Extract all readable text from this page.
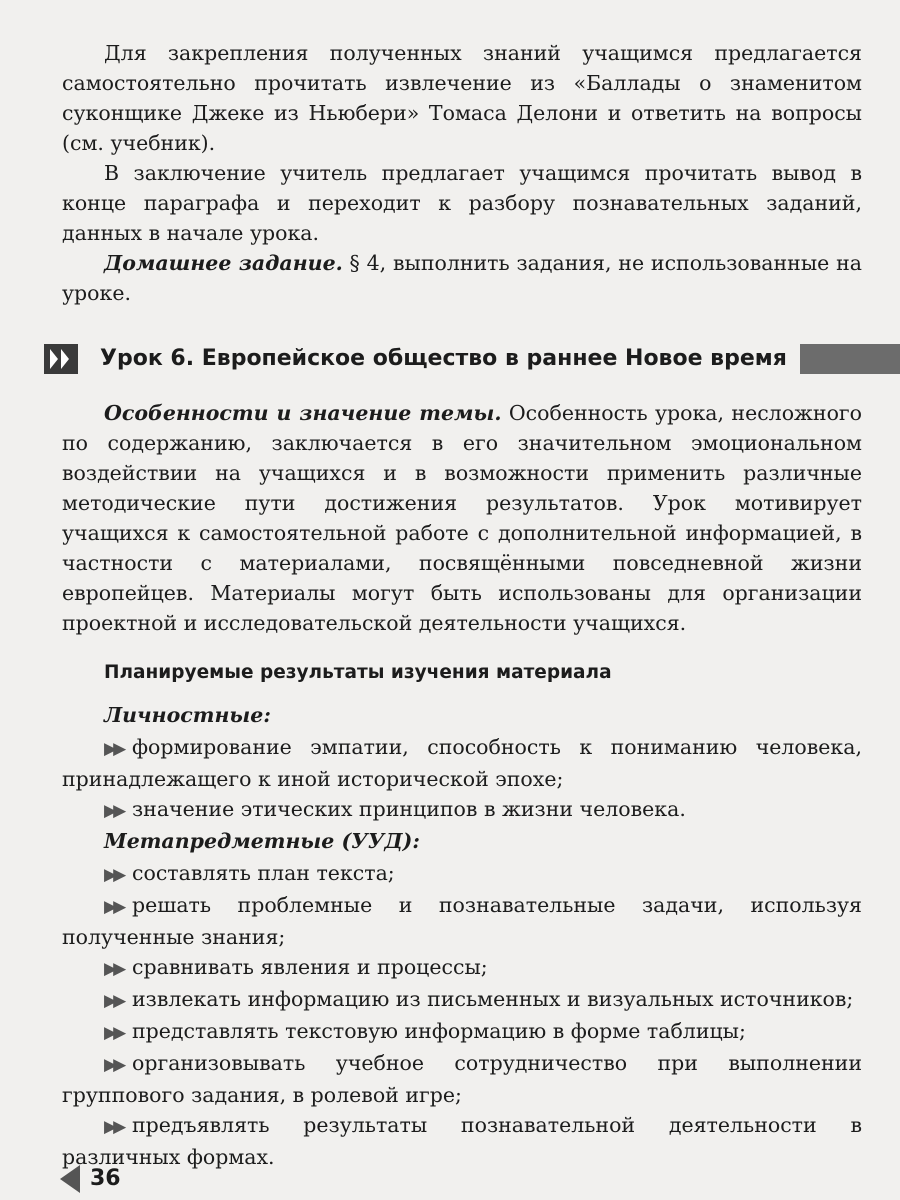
Для закрепления полученных знаний учащимся предлагается самостоятельно прочитать извлечение из «Баллады о знаменитом суконщике Джеке из Ньюбери» Томаса Делони и ответить на вопросы (см. учебник).

В заключение учитель предлагает учащимся прочитать вывод в конце параграфа и переходит к разбору познавательных заданий, данных в начале урока.

Домашнее задание. § 4, выполнить задания, не использованные на уроке.

Урок 6. Европейское общество в раннее Новое время

Особенности и значение темы. Особенность урока, несложного по содержанию, заключается в его значительном эмоциональном воздействии на учащихся и в возможности применить различные методические пути достижения результатов. Урок мотивирует учащихся к самостоятельной работе с дополнительной информацией, в частности с материалами, посвящёнными повседневной жизни европейцев. Материалы могут быть использованы для организации проектной и исследовательской деятельности учащихся.

Планируемые результаты изучения материала
Личностные:

▶▶ формирование эмпатии, способность к пониманию человека, принадлежащего к иной исторической эпохе;

▶▶ значение этических принципов в жизни человека.

Метапредметные (УУД):

▶▶ составлять план текста;

▶▶ решать проблемные и познавательные задачи, используя полученные знания;

▶▶ сравнивать явления и процессы;

▶▶ извлекать информацию из письменных и визуальных источников;

▶▶ представлять текстовую информацию в форме таблицы;

▶▶ организовывать учебное сотрудничество при выполнении группового задания, в ролевой игре;

▶▶ предъявлять результаты познавательной деятельности в различных формах.

36
